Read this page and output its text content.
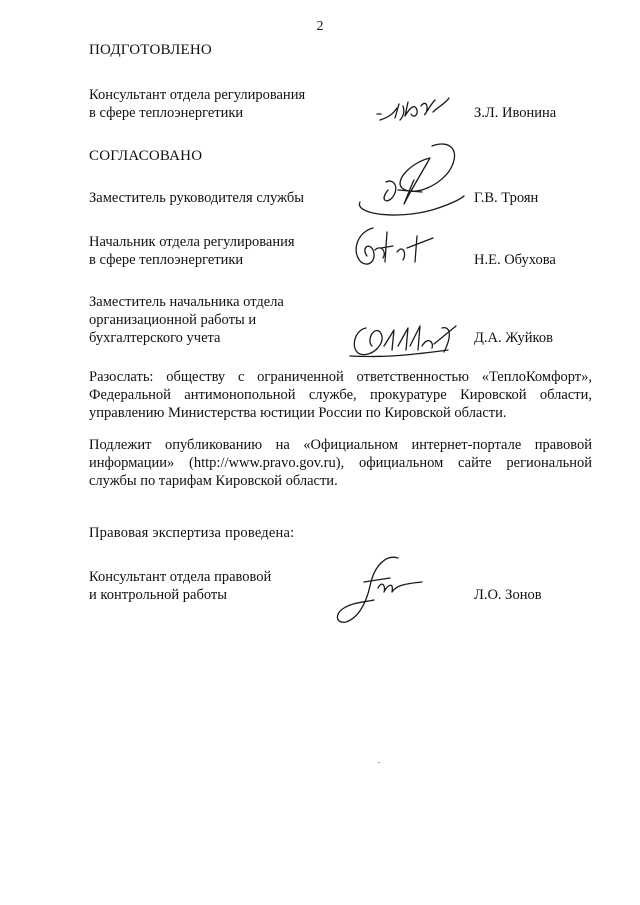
2
ПОДГОТОВЛЕНО
Консультант отдела регулирования
в сфере теплоэнергетики	З.Л. Ивонина
СОГЛАСОВАНО
Заместитель руководителя службы	Г.В. Троян
Начальник отдела регулирования
в сфере теплоэнергетики	Н.Е. Обухова
Заместитель начальника отдела
организационной работы и
бухгалтерского учета	Д.А. Жуйков
Разослать: обществу с ограниченной ответственностью «ТеплоКомфорт», Федеральной антимонопольной службе, прокуратуре Кировской области, управлению Министерства юстиции России по Кировской области.
Подлежит опубликованию на «Официальном интернет-портале правовой информации» (http://www.pravo.gov.ru), официальном сайте региональной службы по тарифам Кировской области.
Правовая экспертиза проведена:
Консультант отдела правовой
и контрольной работы	Л.О. Зонов
